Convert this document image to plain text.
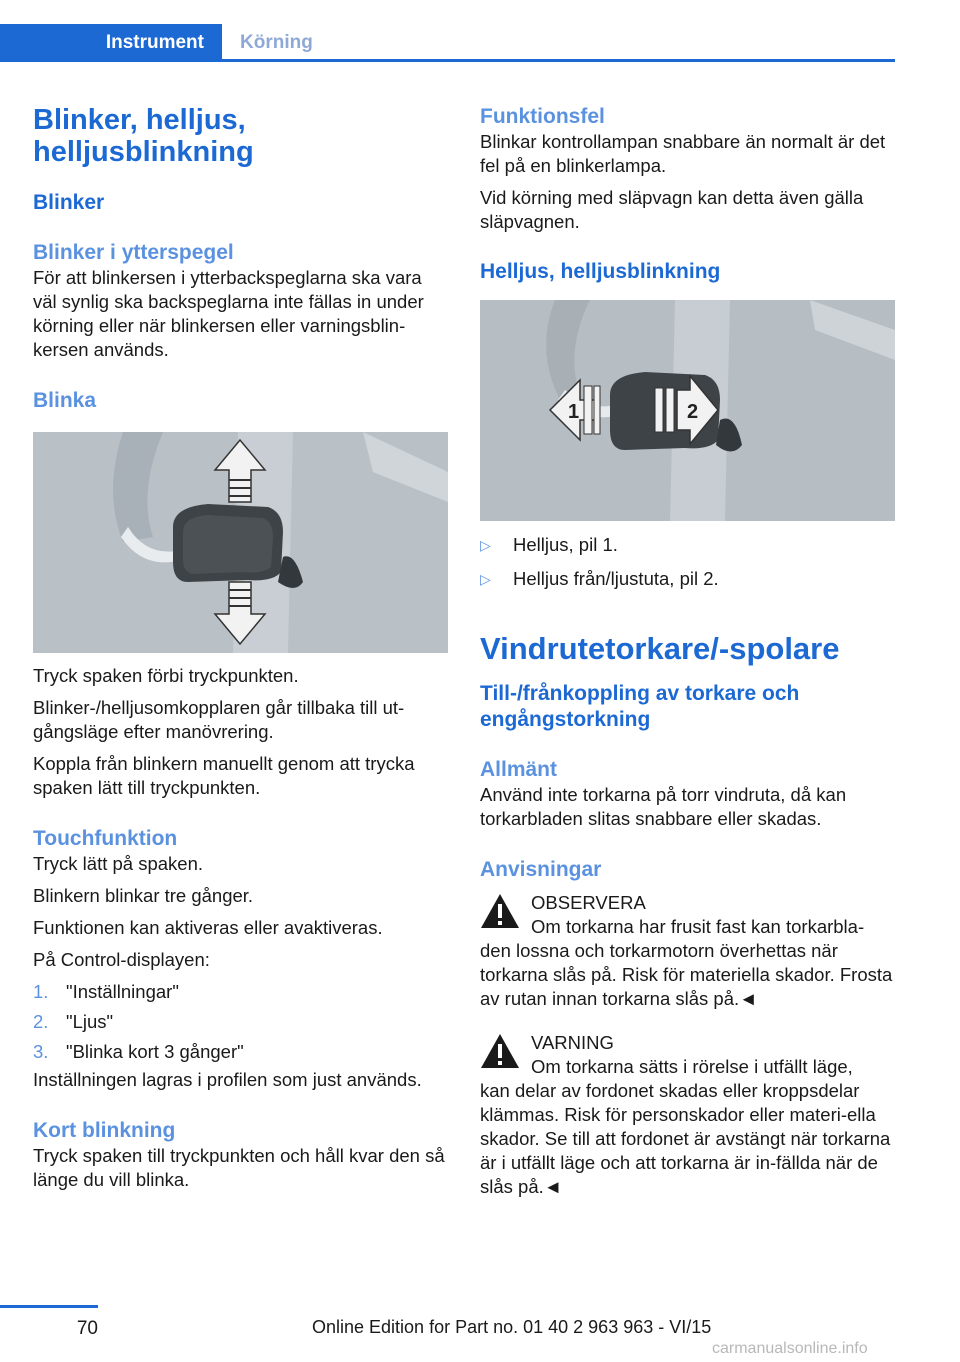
Instrument	Körning
Blinker, helljus, helljusblinkning
Blinker
Blinker i ytterspegel
För att blinkersen i ytterbackspeglarna ska vara väl synlig ska backspeglarna inte fällas in under körning eller när blinkersen eller varningsblin-kersen används.
Blinka
Tryck spaken förbi tryckpunkten.
Blinker-/helljusomkopplaren går tillbaka till ut-gångsläge efter manövrering.
Koppla från blinkern manuellt genom att trycka spaken lätt till tryckpunkten.
Touchfunktion
Tryck lätt på spaken.
Blinkern blinkar tre gånger.
Funktionen kan aktiveras eller avaktiveras.
På Control-displayen:
1. "Inställningar"
2. "Ljus"
3. "Blinka kort 3 gånger"
Inställningen lagras i profilen som just används.
Kort blinkning
Tryck spaken till tryckpunkten och håll kvar den så länge du vill blinka.
Funktionsfel
Blinkar kontrollampan snabbare än normalt är det fel på en blinkerlampa.
Vid körning med släpvagn kan detta även gälla släpvagnen.
Helljus, helljusblinkning
1	2
▷	Helljus, pil 1.
▷	Helljus från/ljustuta, pil 2.
Vindrutetorkare/-spolare
Till-/frånkoppling av torkare och engångstorkning
Allmänt
Använd inte torkarna på torr vindruta, då kan torkarbladen slitas snabbare eller skadas.
Anvisningar
OBSERVERA
Om torkarna har frusit fast kan torkarbla-
den lossna och torkarmotorn överhettas när torkarna slås på. Risk för materiella skador. Frosta av rutan innan torkarna slås på.◄
VARNING
Om torkarna sätts i rörelse i utfällt läge,
kan delar av fordonet skadas eller kroppsdelar klämmas. Risk för personskador eller materi-ella skador. Se till att fordonet är avstängt när torkarna är i utfällt läge och att torkarna är in-fällda när de slås på.◄
70	Online Edition for Part no. 01 40 2 963 963 - VI/15
carmanualsonline.info
